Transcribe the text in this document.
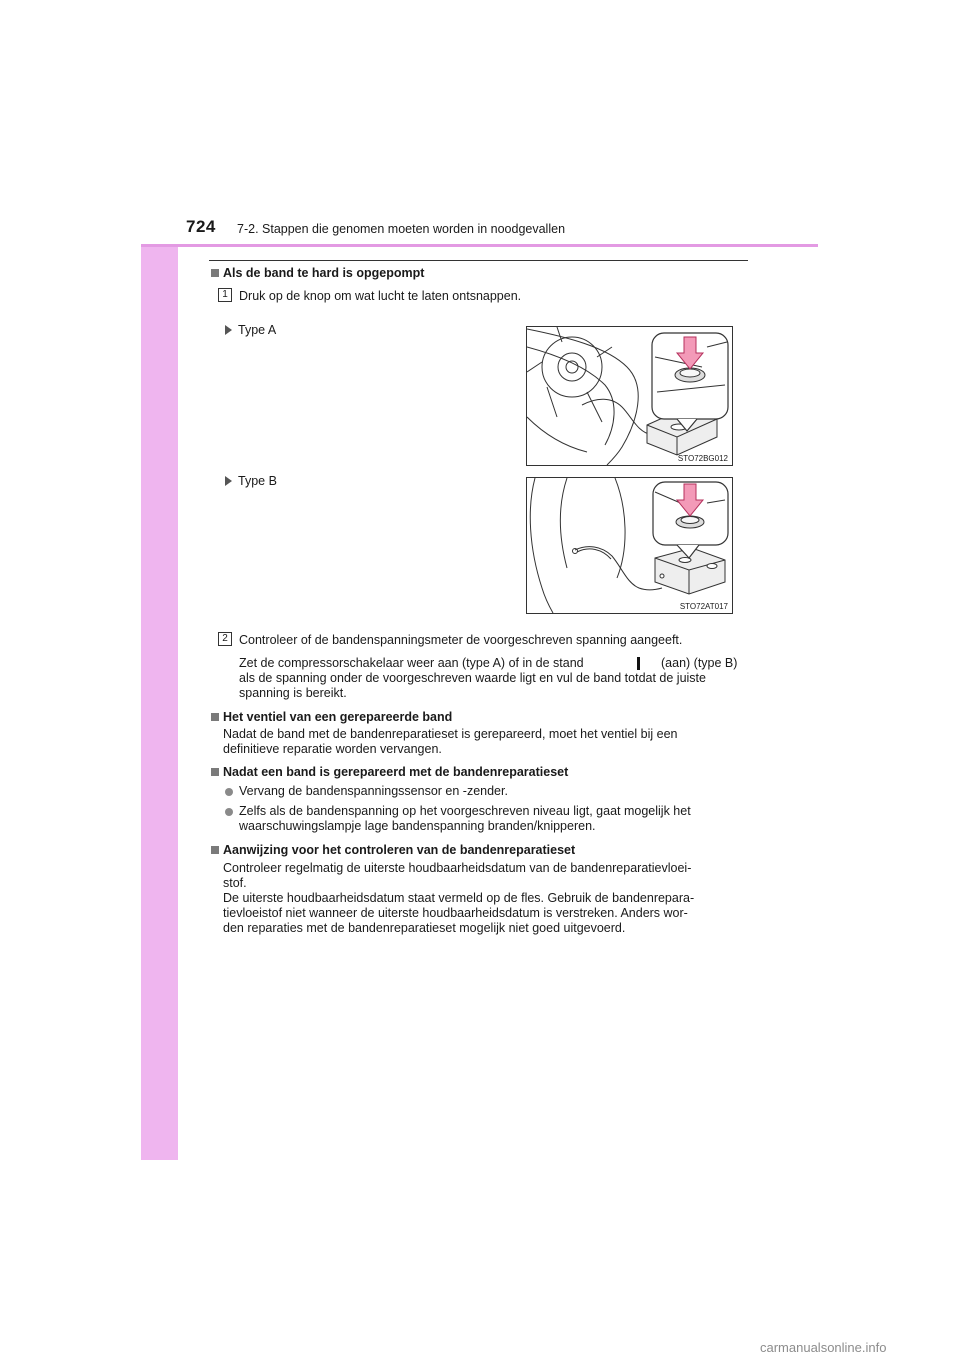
724 7-2. Stappen die genomen moeten worden in noodgevallen
Als de band te hard is opgepompt
1 Druk op de knop om wat lucht te laten ontsnappen.
Type A
Type B
STO72BG012
STO72AT017
2 Controleer of de bandenspanningsmeter de voorgeschreven spanning aangeeft.
Zet de compressorschakelaar weer aan (type A) of in de stand	(aan) (type B)
als de spanning onder de voorgeschreven waarde ligt en vul de band totdat de juiste
spanning is bereikt.
Het ventiel van een gerepareerde band
Nadat de band met de bandenreparatieset is gerepareerd, moet het ventiel bij een
definitieve reparatie worden vervangen.
Nadat een band is gerepareerd met de bandenreparatieset
Vervang de bandenspanningssensor en -zender.
Zelfs als de bandenspanning op het voorgeschreven niveau ligt, gaat mogelijk het
waarschuwingslampje lage bandenspanning branden/knipperen.
Aanwijzing voor het controleren van de bandenreparatieset
Controleer regelmatig de uiterste houdbaarheidsdatum van de bandenreparatievloei-
stof.
De uiterste houdbaarheidsdatum staat vermeld op de fles. Gebruik de bandenrepara-
tievloeistof niet wanneer de uiterste houdbaarheidsdatum is verstreken. Anders wor-
den reparaties met de bandenreparatieset mogelijk niet goed uitgevoerd.
carmanualsonline.info
